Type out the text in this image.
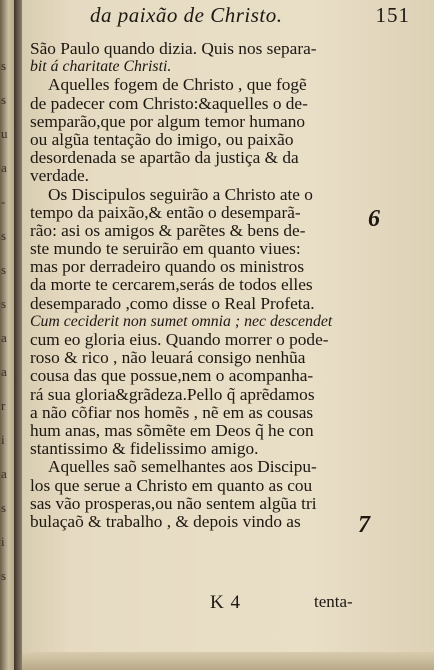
s
s
u
a
-
s
s
s
a
a
r
i
a
s
i
s
da paixão de Christo.	151
São Paulo quando dizia. Quis nos separa-
bit á charitate Christi.
Aquelles fogem de Christo , que fogẽ
de padecer com Christo:&aquelles o de-
semparão,que por algum temor humano
ou algũa tentação do imigo, ou paixão
desordenada se apartão da justiça & da
verdade.
Os Discipulos seguirão a Christo ate o
tempo da paixão,& então o desemparã-
rão: asi os amigos & parẽtes & bens de-
ste mundo te seruirão em quanto viues:
mas por derradeiro quando os ministros
da morte te cercarem,serás de todos elles
desemparado ,como disse o Real Profeta.
Cum ceciderit non sumet omnia ; nec descendet
cum eo gloria eius. Quando morrer o pode-
roso & rico , não leuará consigo nenhũa
cousa das que possue,nem o acompanha-
rá sua gloria&grãdeza.Pello q̃ aprẽdamos
a não cõfiar nos homẽs , nẽ em as cousas
hum anas, mas sõmẽte em Deos q̃ he con
stantissimo & fidelissimo amigo.
Aquelles saõ semelhantes aos Discipu-
los que serue a Christo em quanto as cou
sas vão prosperas,ou não sentem algũa tri
bulaçaõ & trabalho , & depois vindo as
6
7
K 4	tenta-
